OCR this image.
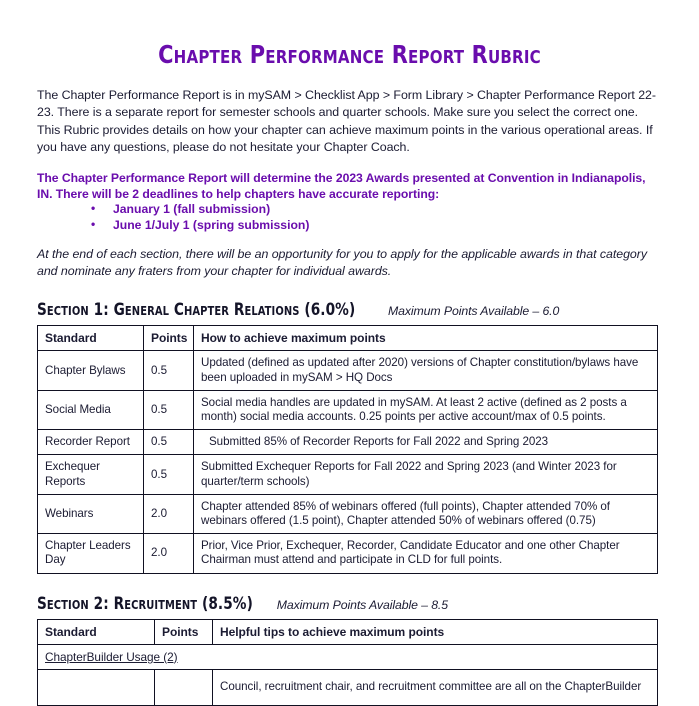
Chapter Performance Report Rubric

The Chapter Performance Report is in mySAM > Checklist App > Form Library > Chapter Performance Report 22-23. There is a separate report for semester schools and quarter schools. Make sure you select the correct one. This Rubric provides details on how your chapter can achieve maximum points in the various operational areas. If you have any questions, please do not hesitate your Chapter Coach.

The Chapter Performance Report will determine the 2023 Awards presented at Convention in Indianapolis, IN. There will be 2 deadlines to help chapters have accurate reporting:

• January 1 (fall submission)
• June 1/July 1 (spring submission)

At the end of each section, there will be an opportunity for you to apply for the applicable awards in that category and nominate any fraters from your chapter for individual awards.

Section 1: General Chapter Relations (6.0%)	Maximum Points Available – 6.0
Standard	Points	How to achieve maximum points
Chapter Bylaws	0.5	Updated (defined as updated after 2020) versions of Chapter constitution/bylaws have been uploaded in mySAM > HQ Docs
Social Media	0.5	Social media handles are updated in mySAM. At least 2 active (defined as 2 posts a month) social media accounts. 0.25 points per active account/max of 0.5 points.
Recorder Report	0.5	Submitted 85% of Recorder Reports for Fall 2022 and Spring 2023
Exchequer Reports	0.5	Submitted Exchequer Reports for Fall 2022 and Spring 2023 (and Winter 2023 for quarter/term schools)
Webinars	2.0	Chapter attended 85% of webinars offered (full points), Chapter attended 70% of webinars offered (1.5 point), Chapter attended 50% of webinars offered (0.75)
Chapter Leaders Day	2.0	Prior, Vice Prior, Exchequer, Recorder, Candidate Educator and one other Chapter Chairman must attend and participate in CLD for full points.
Section 2: Recruitment (8.5%) Maximum Points Available – 8.5
Standard	Points	Helpful tips to achieve maximum points
ChapterBuilder Usage (2)		
		Council, recruitment chair, and recruitment committee are all on the ChapterBuilder
